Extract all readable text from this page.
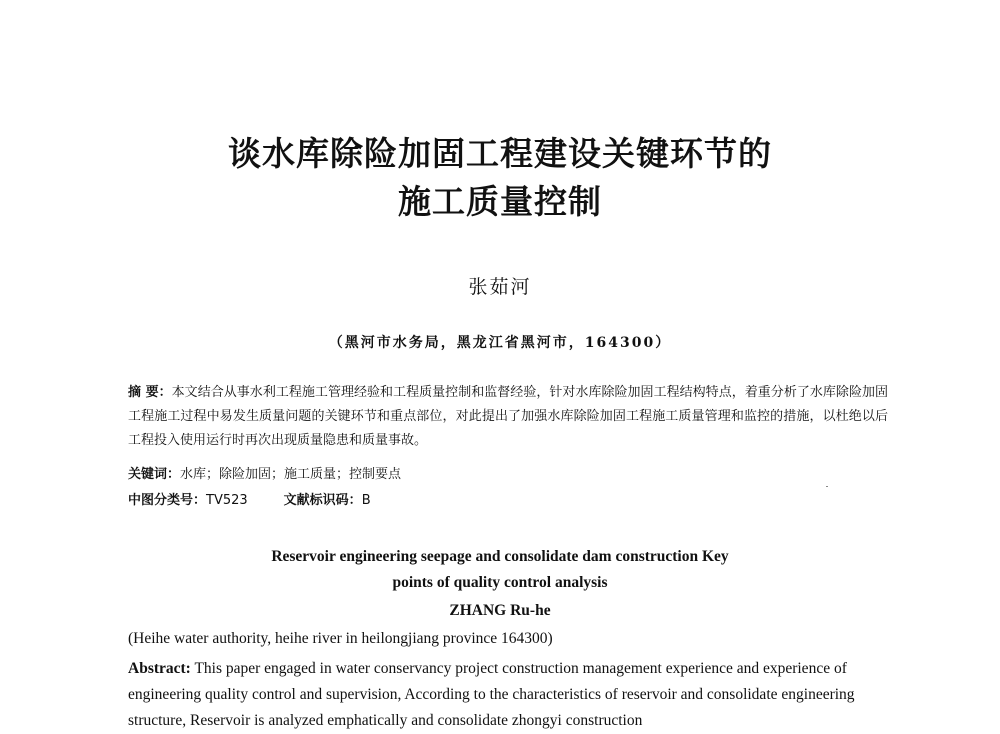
谈水库除险加固工程建设关键环节的
施工质量控制
张茹河
（黑河市水务局，黑龙江省黑河市，164300）
摘 要：本文结合从事水利工程施工管理经验和工程质量控制和监督经验，针对水库除险加固工程结构特点，着重分析了水库除险加固工程施工过程中易发生质量问题的关键环节和重点部位，对此提出了加强水库除险加固工程施工质量管理和监控的措施，以杜绝以后工程投入使用运行时再次出现质量隐患和质量事故。
关键词：水库；除险加固；施工质量；控制要点
中图分类号：TV523	文献标识码：B
Reservoir engineering seepage and consolidate dam construction Key
points of quality control analysis
ZHANG Ru-he
(Heihe water authority, heihe river in heilongjiang province 164300)
Abstract: This paper engaged in water conservancy project construction management experience and experience of engineering quality control and supervision, According to the characteristics of reservoir and consolidate engineering structure, Reservoir is analyzed emphatically and consolidate zhongyi construction
